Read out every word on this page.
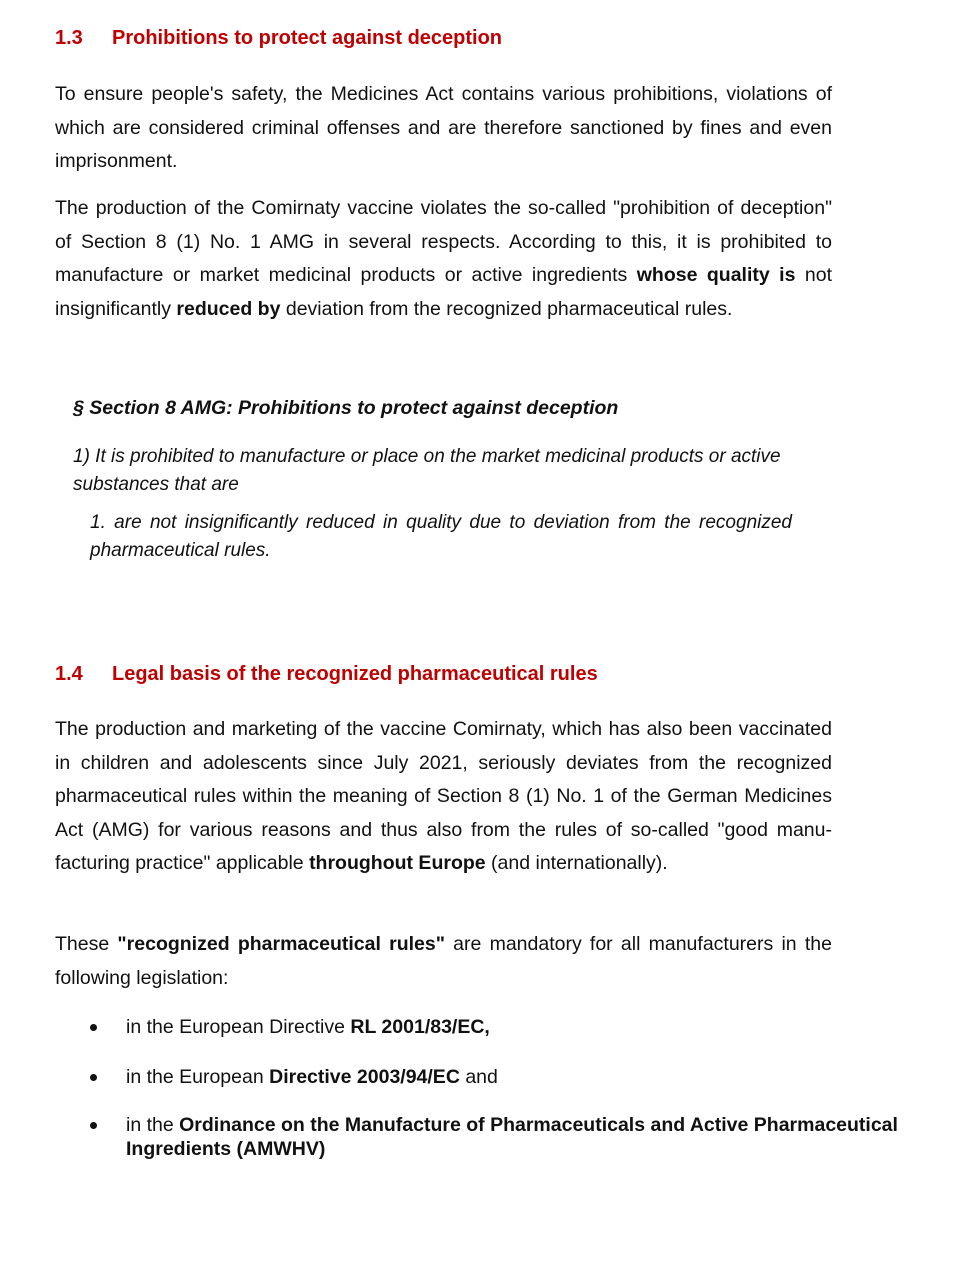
1.3 Prohibitions to protect against deception
To ensure people's safety, the Medicines Act contains various prohibitions, violations of which are considered criminal offenses and are therefore sanctioned by fines and even imprisonment.
The production of the Comirnaty vaccine violates the so-called "prohibition of deception" of Section 8 (1) No. 1 AMG in several respects. According to this, it is prohibited to manufacture or market medicinal products or active ingredients whose quality is not insignificantly reduced by deviation from the recognized pharmaceutical rules.
§ Section 8 AMG: Prohibitions to protect against deception
1) It is prohibited to manufacture or place on the market medicinal products or active substances that are
1. are not insignificantly reduced in quality due to deviation from the recognized pharmaceutical rules.
1.4 Legal basis of the recognized pharmaceutical rules
The production and marketing of the vaccine Comirnaty, which has also been vaccinated in children and adolescents since July 2021, seriously deviates from the recognized pharmaceutical rules within the meaning of Section 8 (1) No. 1 of the German Medicines Act (AMG) for various reasons and thus also from the rules of so-called "good manu- facturing practice" applicable throughout Europe (and internationally).
These "recognized pharmaceutical rules" are mandatory for all manufacturers in the following legislation:
in the European Directive RL 2001/83/EC,
in the European Directive 2003/94/EC and
in the Ordinance on the Manufacture of Pharmaceuticals and Active Pharmaceutical Ingredients (AMWHV)
